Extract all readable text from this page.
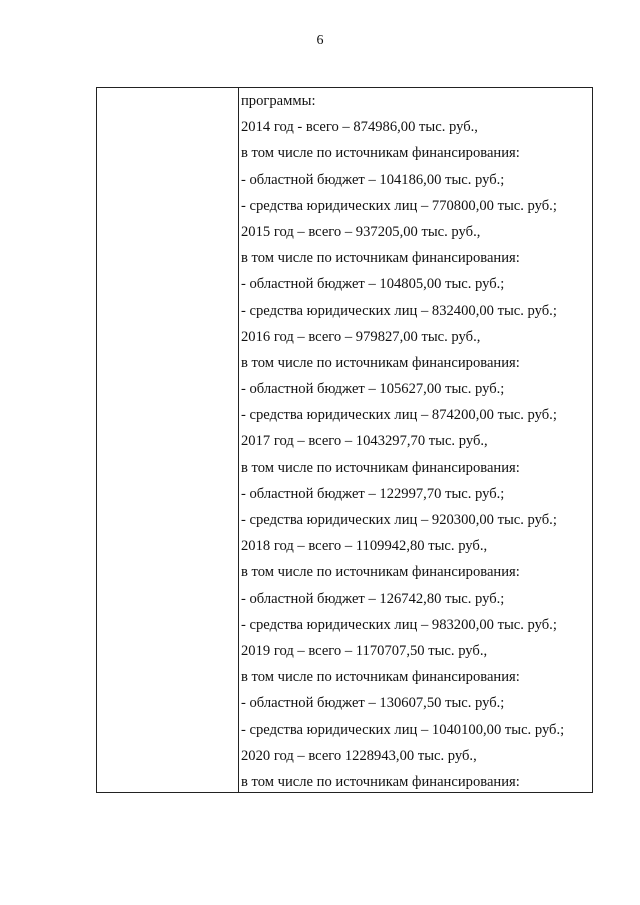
6
программы:
2014 год - всего – 874986,00 тыс. руб.,
в том числе по источникам финансирования:
- областной бюджет – 104186,00 тыс. руб.;
- средства юридических лиц – 770800,00 тыс. руб.;
2015 год – всего – 937205,00 тыс. руб.,
в том числе по источникам финансирования:
- областной бюджет – 104805,00 тыс. руб.;
- средства юридических лиц – 832400,00 тыс. руб.;
2016 год – всего – 979827,00 тыс. руб.,
в том числе по источникам финансирования:
- областной бюджет – 105627,00 тыс. руб.;
- средства юридических лиц – 874200,00 тыс. руб.;
2017 год – всего – 1043297,70 тыс. руб.,
в том числе по источникам финансирования:
- областной бюджет – 122997,70 тыс. руб.;
- средства юридических лиц – 920300,00 тыс. руб.;
2018 год – всего – 1109942,80 тыс. руб.,
в том числе по источникам финансирования:
- областной бюджет – 126742,80 тыс. руб.;
- средства юридических лиц – 983200,00 тыс. руб.;
2019 год – всего – 1170707,50 тыс. руб.,
в том числе по источникам финансирования:
- областной бюджет – 130607,50 тыс. руб.;
- средства юридических лиц – 1040100,00 тыс. руб.;
2020 год – всего 1228943,00 тыс. руб.,
в том числе по источникам финансирования:
